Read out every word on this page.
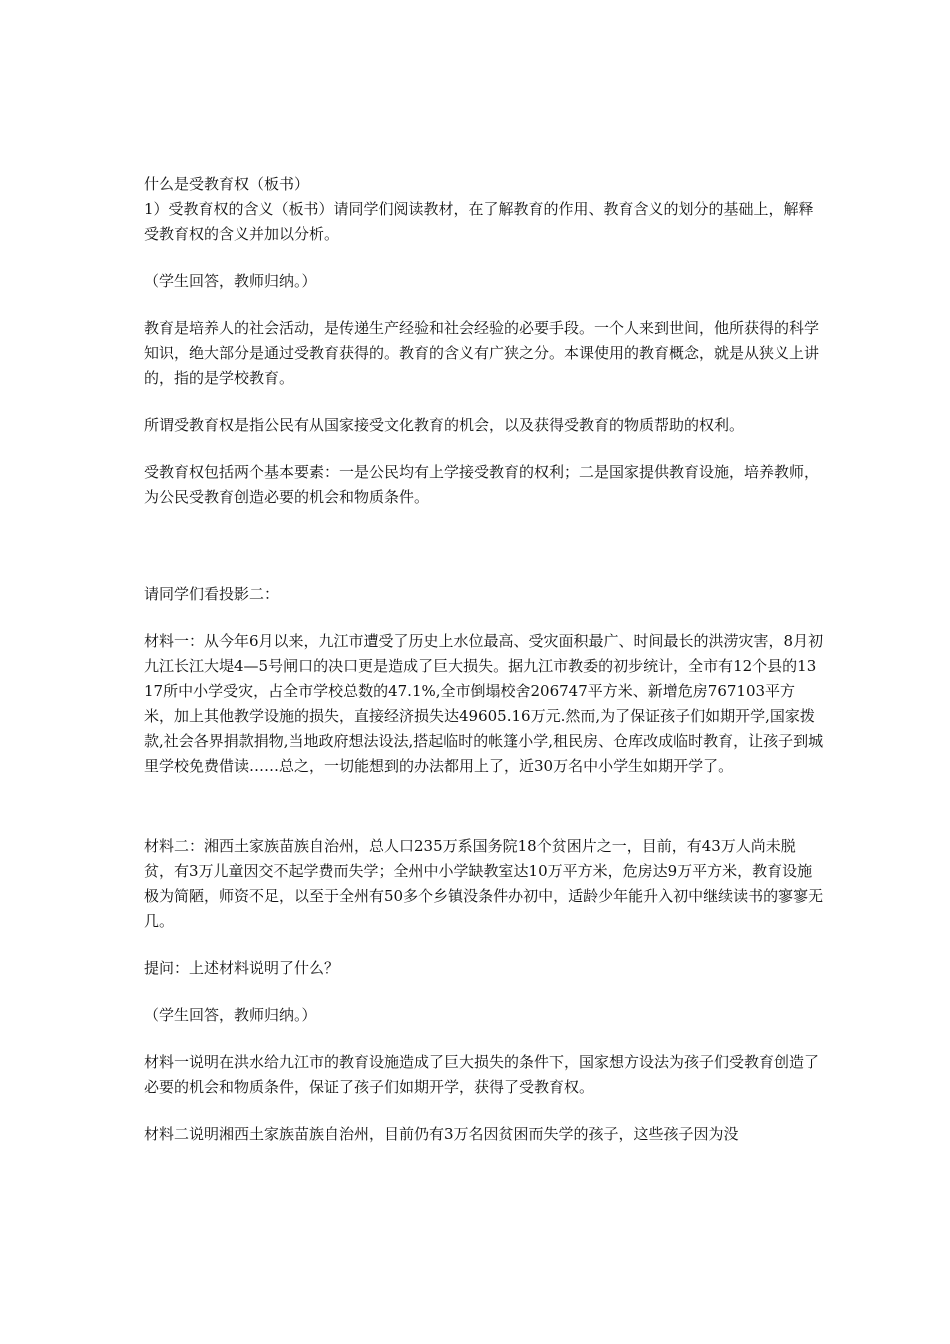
什么是受教育权（板书）

1）受教育权的含义（板书）请同学们阅读教材，在了解教育的作用、教育含义的划分的基础上，解释受教育权的含义并加以分析。

（学生回答，教师归纳。）

教育是培养人的社会活动，是传递生产经验和社会经验的必要手段。一个人来到世间，他所获得的科学知识，绝大部分是通过受教育获得的。教育的含义有广狭之分。本课使用的教育概念，就是从狭义上讲的，指的是学校教育。

所谓受教育权是指公民有从国家接受文化教育的机会，以及获得受教育的物质帮助的权利。

受教育权包括两个基本要素：一是公民均有上学接受教育的权利；二是国家提供教育设施，培养教师，为公民受教育创造必要的机会和物质条件。

请同学们看投影二：

材料一：从今年6月以来，九江市遭受了历史上水位最高、受灾面积最广、时间最长的洪涝灾害，8月初九江长江大堤4—5号闸口的决口更是造成了巨大损失。据九江市教委的初步统计，全市有12个县的1317所中小学受灾，占全市学校总数的47.1%,全市倒塌校舍206747平方米、新增危房767103平方米，加上其他教学设施的损失，直接经济损失达49605.16万元.然而,为了保证孩子们如期开学,国家拨款,社会各界捐款捐物,当地政府想法设法,搭起临时的帐篷小学,租民房、仓库改成临时教育，让孩子到城里学校免费借读……总之，一切能想到的办法都用上了，近30万名中小学生如期开学了。

材料二：湘西土家族苗族自治州，总人口235万系国务院18个贫困片之一，目前，有43万人尚未脱贫，有3万儿童因交不起学费而失学；全州中小学缺教室达10万平方米，危房达9万平方米，教育设施极为简陋，师资不足，以至于全州有50多个乡镇没条件办初中，适龄少年能升入初中继续读书的寥寥无几。

提问：上述材料说明了什么？

（学生回答，教师归纳。）

材料一说明在洪水给九江市的教育设施造成了巨大损失的条件下，国家想方设法为孩子们受教育创造了必要的机会和物质条件，保证了孩子们如期开学，获得了受教育权。

材料二说明湘西土家族苗族自治州，目前仍有3万名因贫困而失学的孩子，这些孩子因为没
